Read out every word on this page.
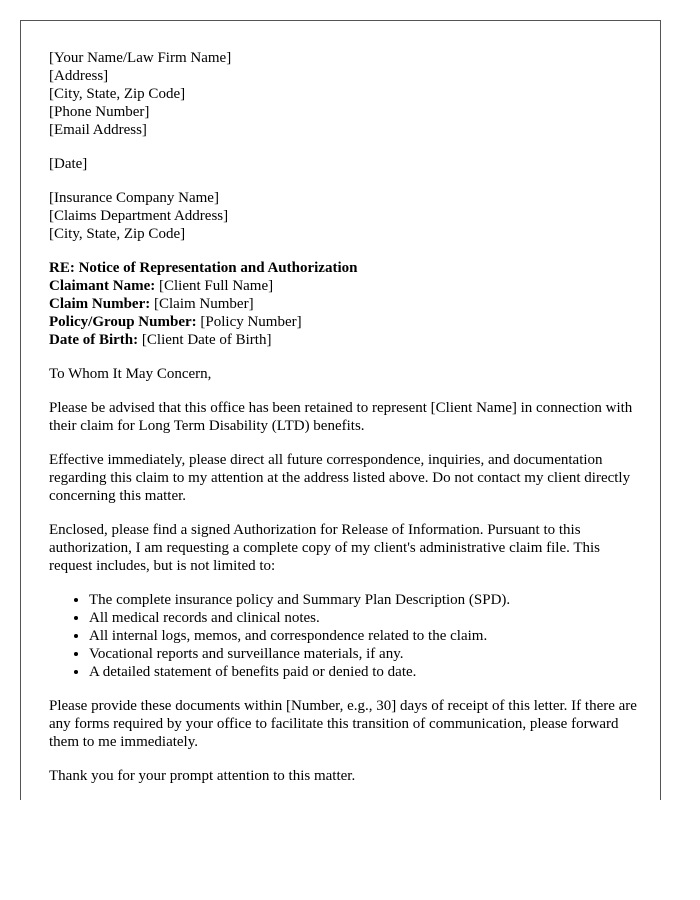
[Your Name/Law Firm Name]
[Address]
[City, State, Zip Code]
[Phone Number]
[Email Address]
[Date]
[Insurance Company Name]
[Claims Department Address]
[City, State, Zip Code]
RE: Notice of Representation and Authorization
Claimant Name: [Client Full Name]
Claim Number: [Claim Number]
Policy/Group Number: [Policy Number]
Date of Birth: [Client Date of Birth]

To Whom It May Concern,

Please be advised that this office has been retained to represent [Client Name] in connection with their claim for Long Term Disability (LTD) benefits.

Effective immediately, please direct all future correspondence, inquiries, and documentation regarding this claim to my attention at the address listed above. Do not contact my client directly concerning this matter.

Enclosed, please find a signed Authorization for Release of Information. Pursuant to this authorization, I am requesting a complete copy of my client's administrative claim file. This request includes, but is not limited to:

• The complete insurance policy and Summary Plan Description (SPD).
• All medical records and clinical notes.
• All internal logs, memos, and correspondence related to the claim.
• Vocational reports and surveillance materials, if any.
• A detailed statement of benefits paid or denied to date.

Please provide these documents within [Number, e.g., 30] days of receipt of this letter. If there are any forms required by your office to facilitate this transition of communication, please forward them to me immediately.

Thank you for your prompt attention to this matter.
